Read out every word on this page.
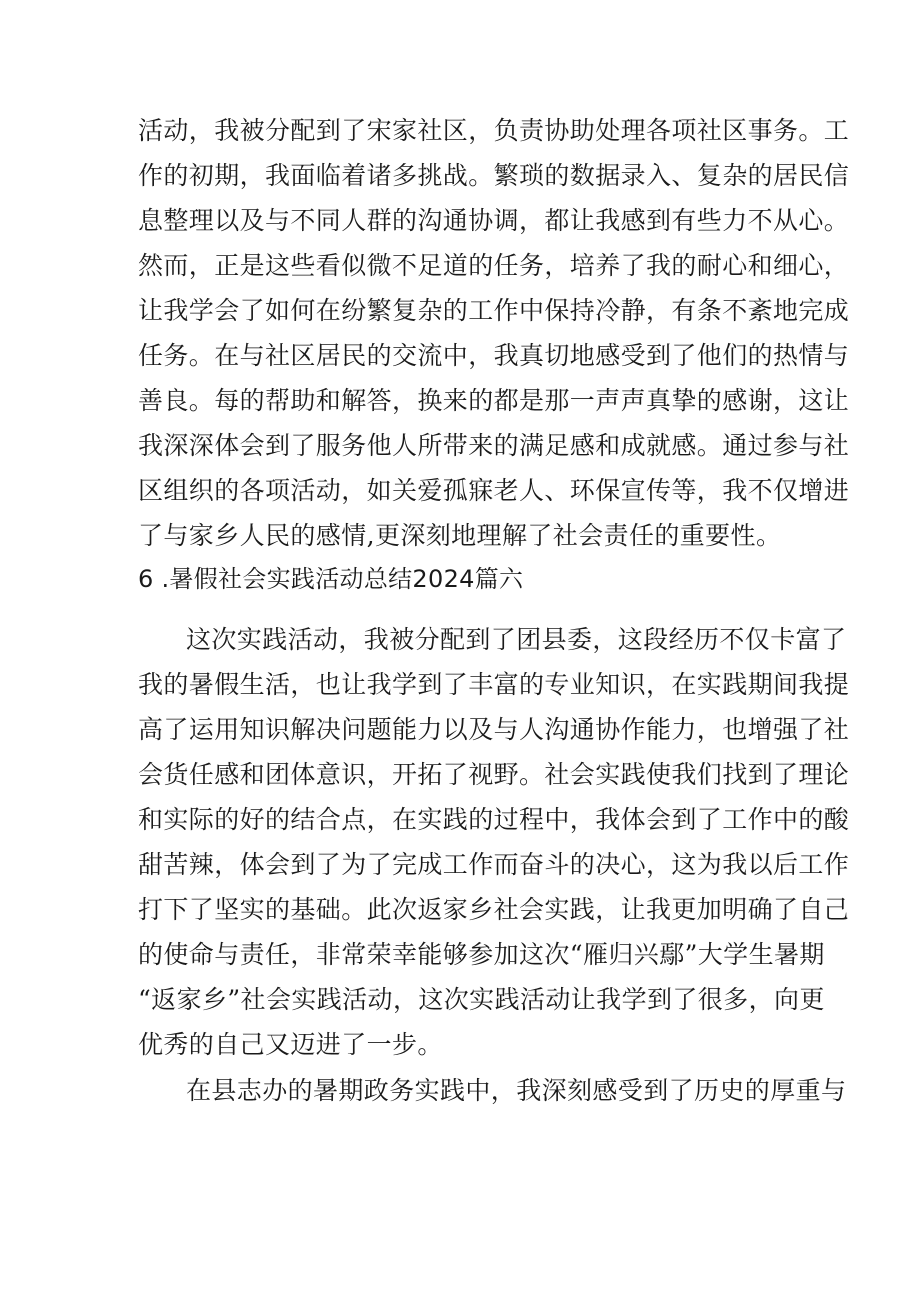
活动，我被分配到了宋家社区，负责协助处理各项社区事务。工
作的初期，我面临着诸多挑战。繁琐的数据录入、复杂的居民信
息整理以及与不同人群的沟通协调，都让我感到有些力不从心。
然而，正是这些看似微不足道的任务，培养了我的耐心和细心，
让我学会了如何在纷繁复杂的工作中保持冷静，有条不紊地完成
任务。在与社区居民的交流中，我真切地感受到了他们的热情与
善良。每的帮助和解答，换来的都是那一声声真挚的感谢，这让
我深深体会到了服务他人所带来的满足感和成就感。通过参与社
区组织的各项活动，如关爱孤寐老人、环保宣传等，我不仅增进
了与家乡人民的感情,更深刻地理解了社会责任的重要性。
6 .暑假社会实践活动总结2024篇六
这次实践活动，我被分配到了团县委，这段经历不仅卡富了
我的暑假生活，也让我学到了丰富的专业知识，在实践期间我提
高了运用知识解决问题能力以及与人沟通协作能力，也增强了社
会货任感和团体意识，开拓了视野。社会实践使我们找到了理论
和实际的好的结合点，在实践的过程中，我体会到了工作中的酸
甜苦辣，体会到了为了完成工作而奋斗的决心，这为我以后工作
打下了坚实的基础。此次返家乡社会实践，让我更加明确了自己
的使命与责任，非常荣幸能够参加这次“雁归兴鄢”大学生暑期
“返家乡”社会实践活动，这次实践活动让我学到了很多，向更
优秀的自己又迈进了一步。
在县志办的暑期政务实践中，我深刻感受到了历史的厚重与
